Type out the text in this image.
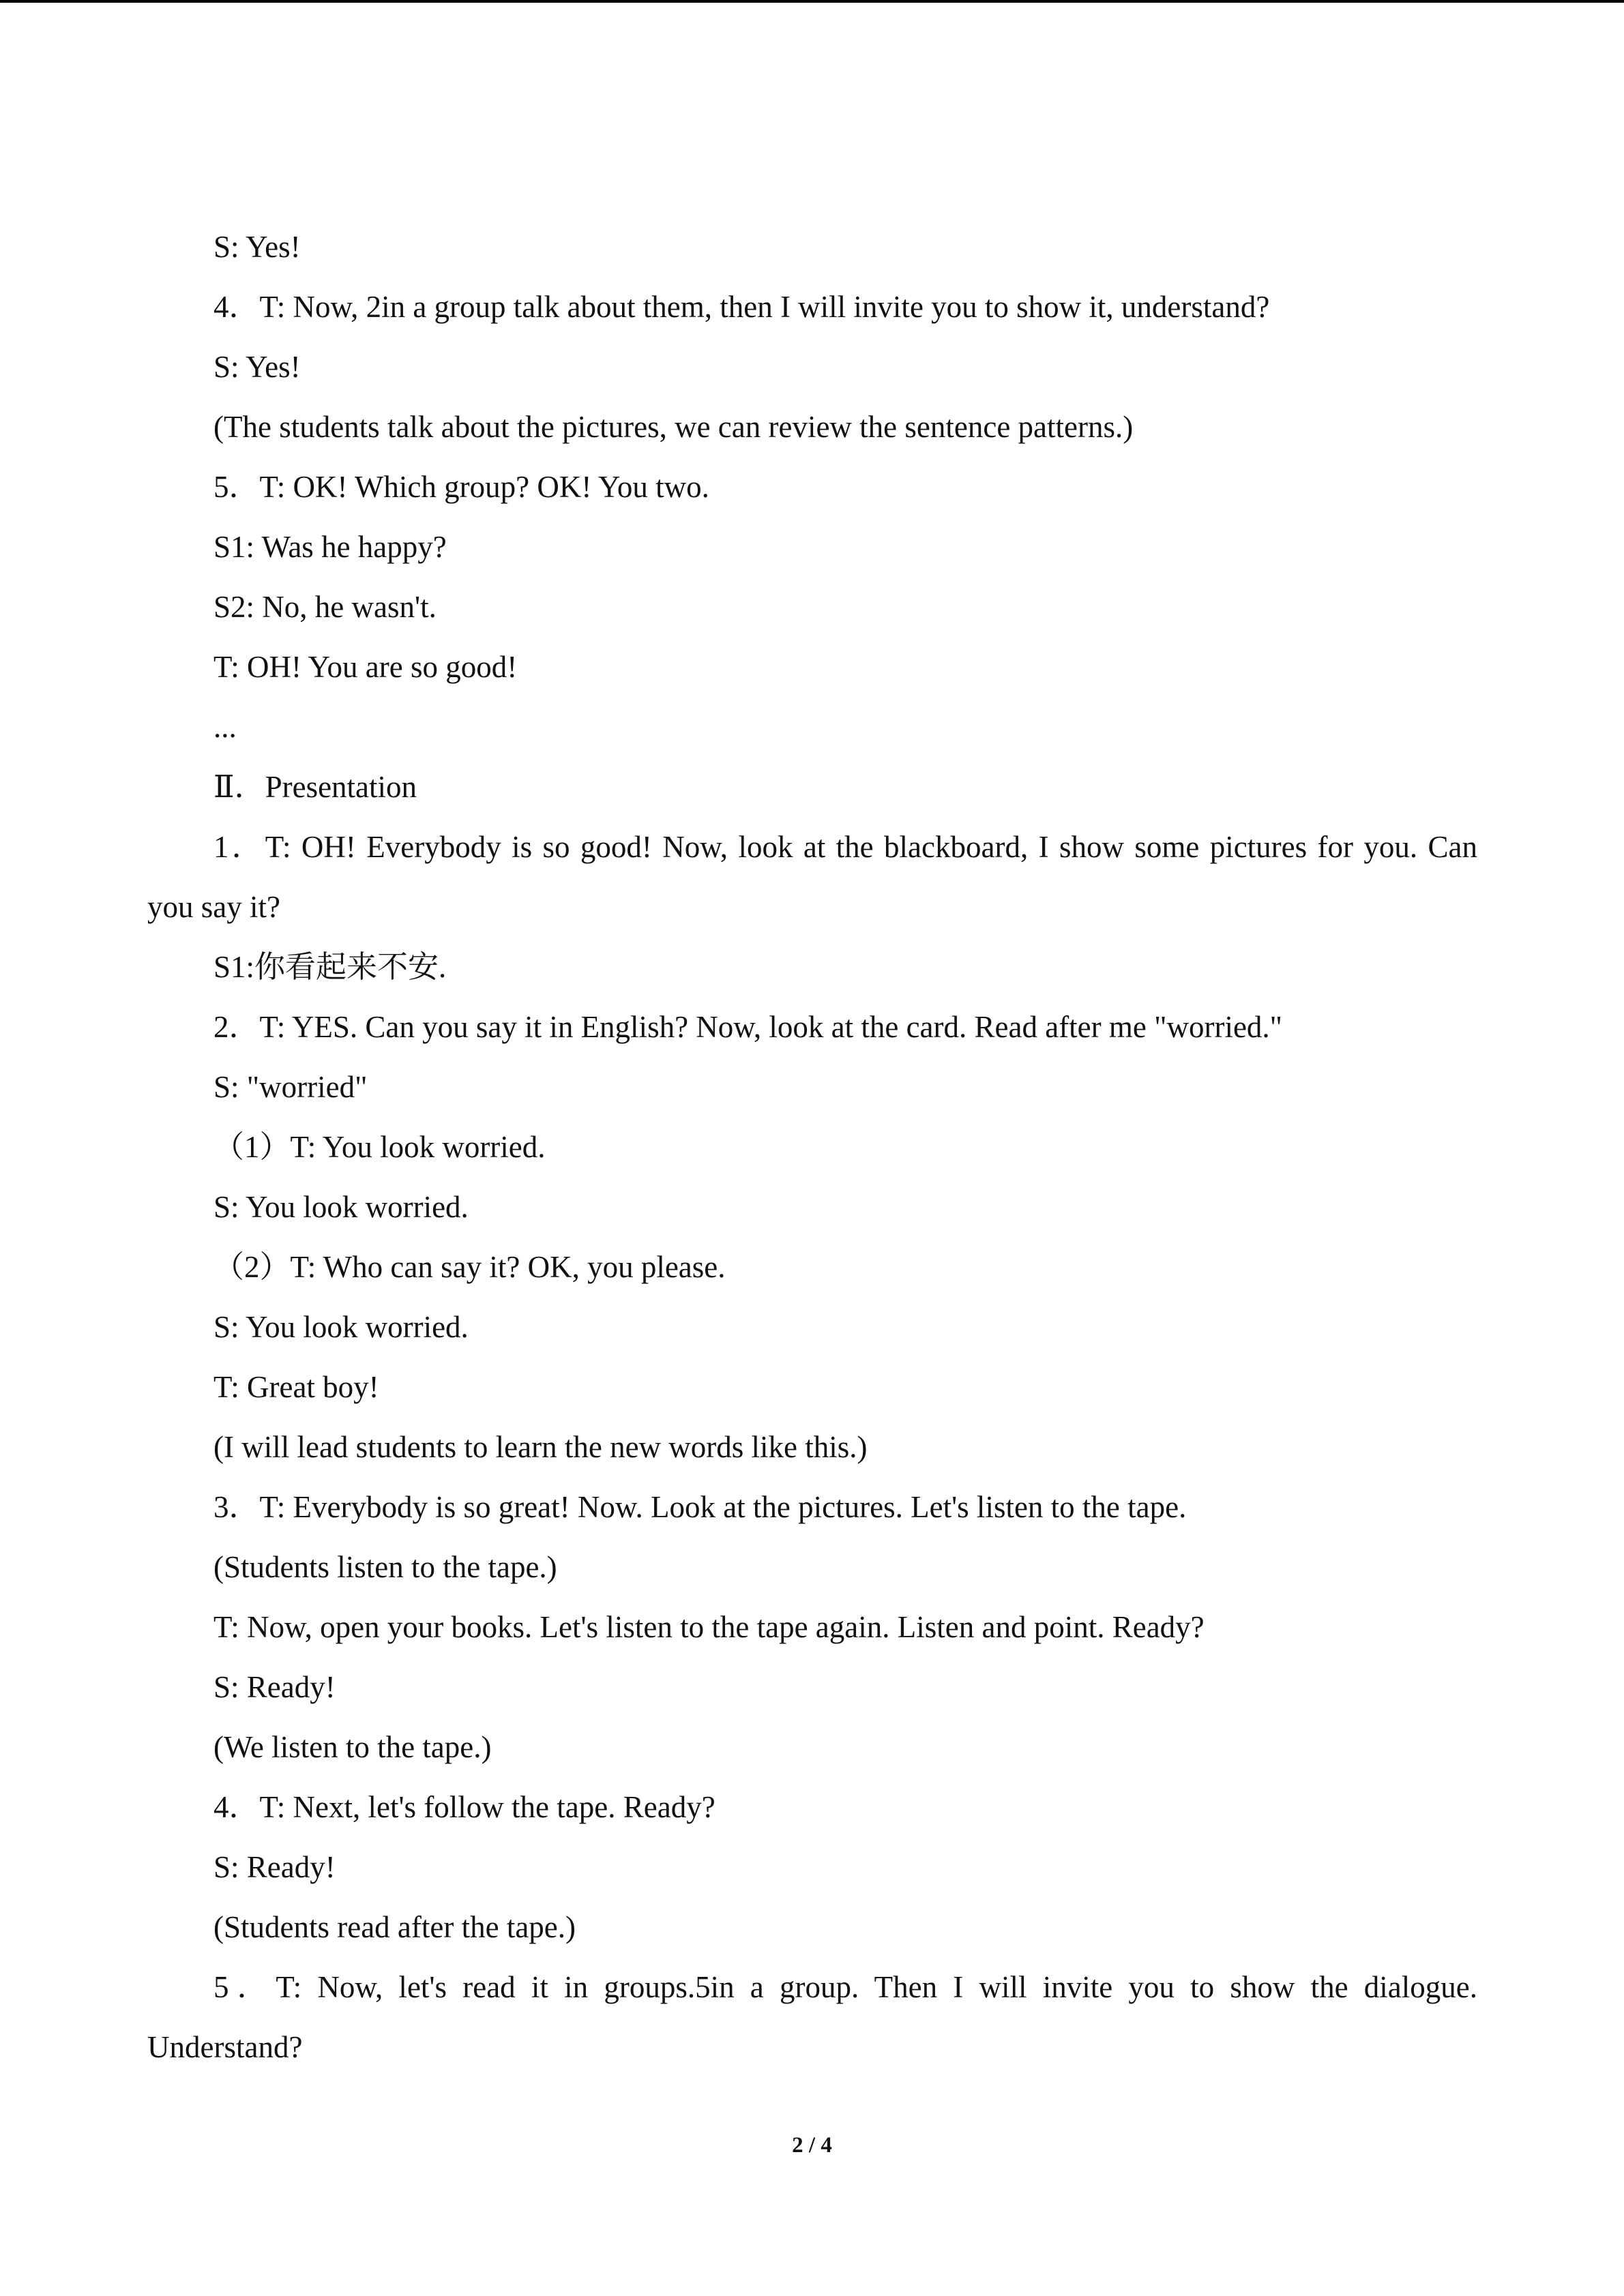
S: Yes!
4．T: Now, 2in a group talk about them, then I will invite you to show it, understand?
S: Yes!
(The students talk about the pictures, we can review the sentence patterns.)
5．T: OK! Which group? OK! You two.
S1: Was he happy?
S2: No, he wasn't.
T: OH! You are so good!
...
Ⅱ．Presentation
1．T: OH! Everybody is so good! Now, look at the blackboard, I show some pictures for you. Can you say it?
S1:你看起来不安.
2．T: YES. Can you say it in English? Now, look at the card. Read after me "worried."
S: "worried"
（1）T: You look worried.
S: You look worried.
（2）T: Who can say it? OK, you please.
S: You look worried.
T: Great boy!
(I will lead students to learn the new words like this.)
3．T: Everybody is so great! Now. Look at the pictures. Let's listen to the tape.
(Students listen to the tape.)
T: Now, open your books. Let's listen to the tape again. Listen and point. Ready?
S: Ready!
(We listen to the tape.)
4．T: Next, let's follow the tape. Ready?
S: Ready!
(Students read after the tape.)
5．T: Now, let's read it in groups.5in a group. Then I will invite you to show the dialogue. Understand?
2 / 4
